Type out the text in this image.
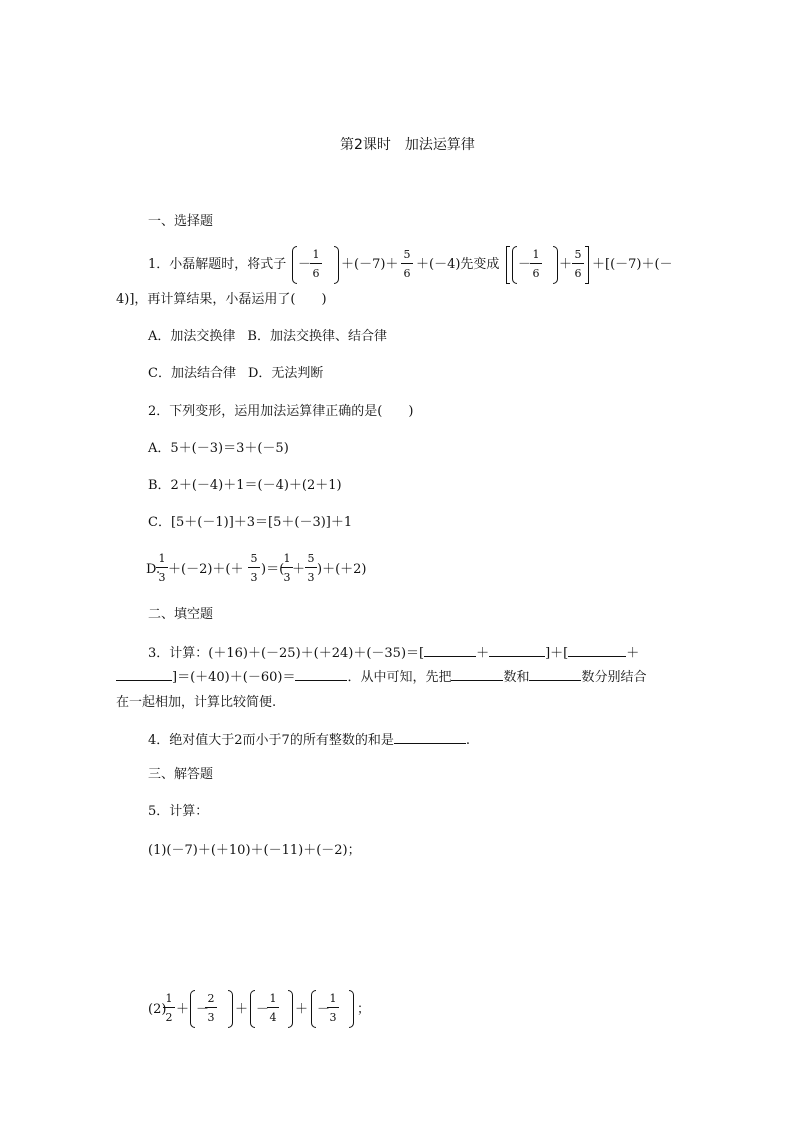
第2课时　加法运算律
一、选择题
1．小磊解题时，将式子 －
1
6
＋(－7)＋
5
6
＋(－4)先变成 －
1
6
＋
5
6
＋[(－7)＋(－
4)]，再计算结果，小磊运用了(　　)
A．加法交换律 B．加法交换律、结合律
C．加法结合律 D．无法判断
2．下列变形，运用加法运算律正确的是(　　)
A．5＋(－3)＝3＋(－5)
B．2＋(－4)＋1＝(－4)＋(2＋1)
C．[5＋(－1)]＋3＝[5＋(－3)]＋1
D.
1
3
＋(－2)＋(＋
5
3
)＝(
1
3
＋
5
3
)＋(＋2)
二、填空题
3．计算：(＋16)＋(－25)＋(＋24)＋(－35)＝[	＋	]＋[	＋
]＝(＋40)＋(－60)＝	．从中可知，先把	数和	数分别结合
在一起相加，计算比较简便.
4．绝对值大于2而小于7的所有整数的和是	.
三、解答题
5．计算：
(1)(－7)＋(＋10)＋(－11)＋(－2)；
(2)
1
2
＋ －
2
3
＋ －
1
4
＋ －
1
3
；
